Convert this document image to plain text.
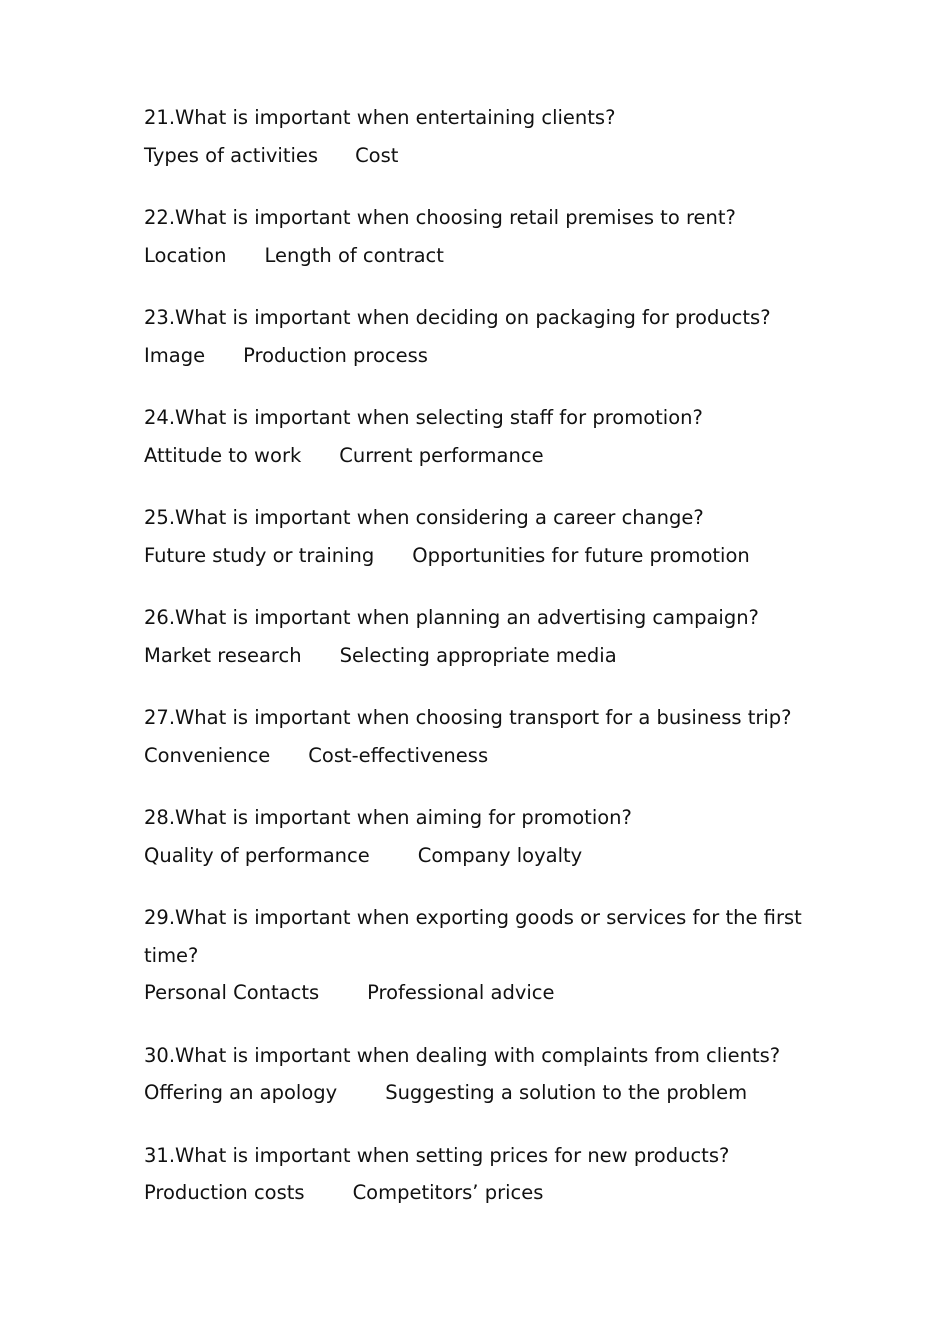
21.What is important when entertaining clients?
Types of activities Cost
22.What is important when choosing retail premises to rent?
Location Length of contract
23.What is important when deciding on packaging for products?
Image Production process
24.What is important when selecting staff for promotion?
Attitude to work Current performance
25.What is important when considering a career change?
Future study or training Opportunities for future promotion
26.What is important when planning an advertising campaign?
Market research Selecting appropriate media
27.What is important when choosing transport for a business trip?
Convenience Cost-effectiveness
28.What is important when aiming for promotion?
Quality of performance Company loyalty
29.What is important when exporting goods or services for the first time?
Personal Contacts Professional advice
30.What is important when dealing with complaints from clients?
Offering an apology Suggesting a solution to the problem
31.What is important when setting prices for new products?
Production costs Competitors’ prices
